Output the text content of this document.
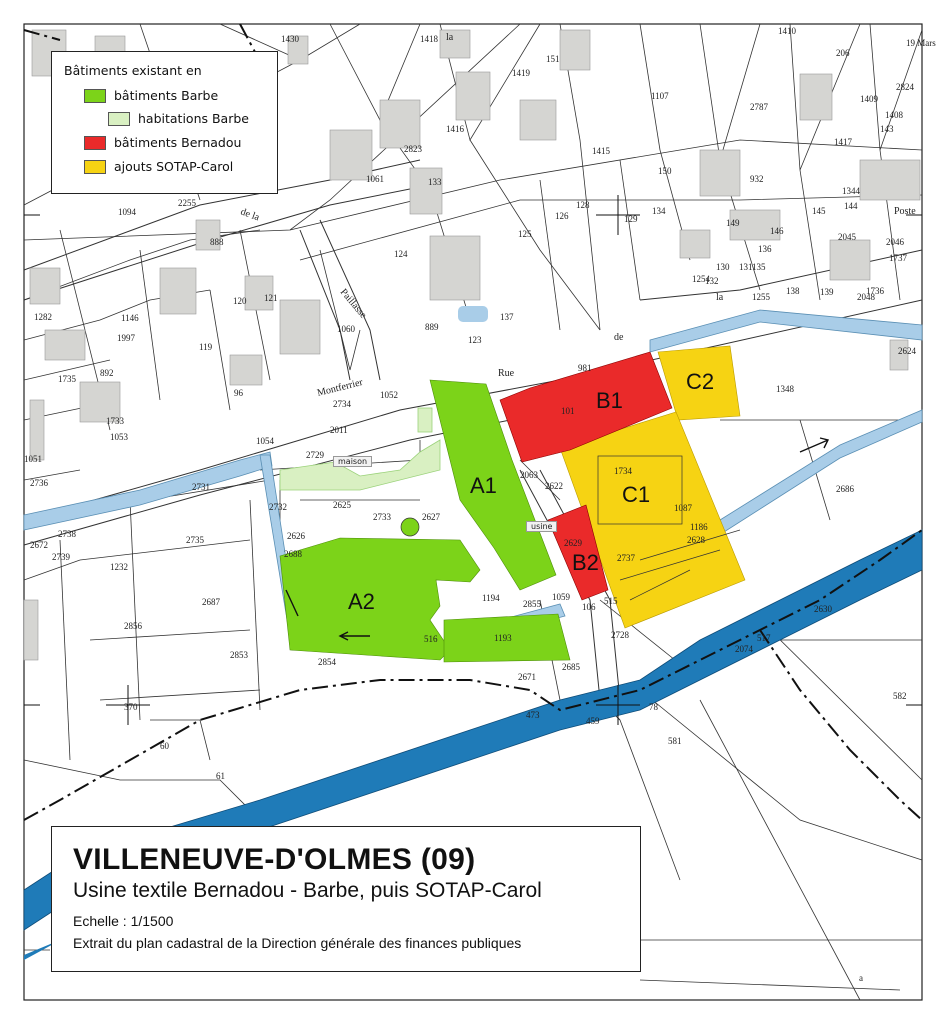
A1
A2
B1
B2
C1
C2
Rue
de
la
Montferrier
Paillasse
de la	Poste
la
1430	1418
1419
151
1410
206
19 Mars
2824
1107
2787
1408
1409
143
1417
1416
2823	1415
1061	133
150
932
2255
1094
888
124
125
126
128
129
134
149
146
145 144
1344
2045	2046
1737
1282	1146
1997
119
120 121
1060	889
123
137
136
135
131
132
130
1254
1255
138 139	2048
1736
1735
892
96
981
2624
101
1348
1734
1733
1053
2734
1052
2011
1051
1054
2729
2731
2625
2622
2063
2736
2732
2733	2627
1087
1186
2686
2738
2735	2626
2629	2628
2737
2688
1232
2672
2739
2687
2856
1194
2855
1059
106
515
2630
2728
2853
1193
516	517
2074
2854
2671
2685
370
473
459
78
582
60	581
61
a
maison
usine
Bâtiments existant en
bâtiments Barbe
habitations Barbe
bâtiments Bernadou
ajouts SOTAP-Carol
VILLENEUVE-D'OLMES (09)
Usine textile Bernadou - Barbe, puis SOTAP-Carol
Echelle : 1/1500
Extrait du plan cadastral de la Direction générale des finances publiques
